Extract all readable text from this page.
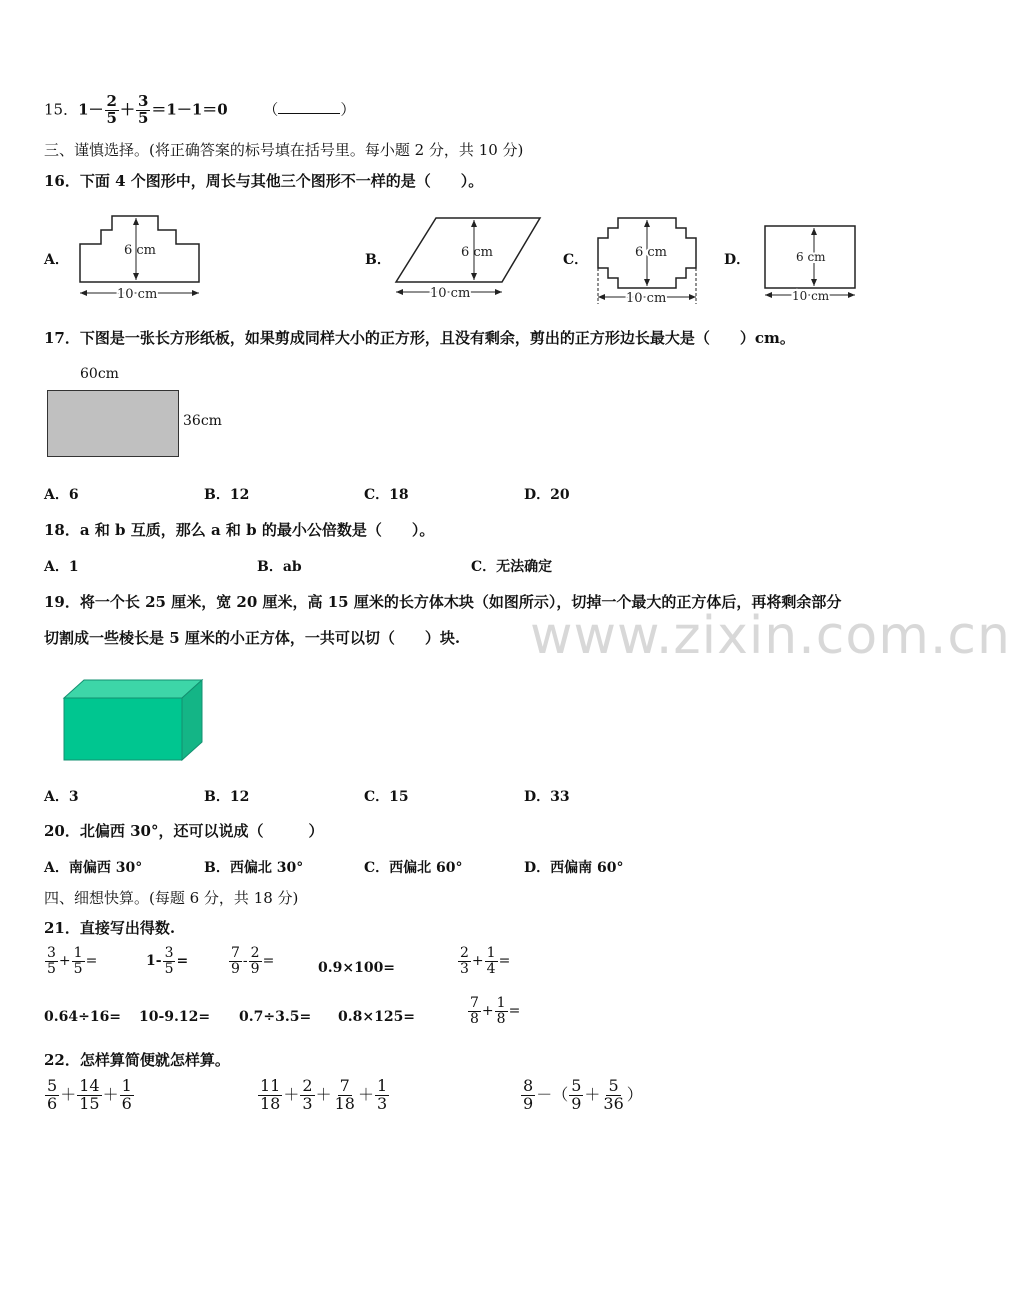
15．$1- \frac{2}{5} + \frac{3}{5} =1-1=0$ （	）
三、谨慎选择。(将正确答案的标号填在括号里。每小题 2 分，共 10 分)
16．下面 4 个图形中，周长与其他三个图形不一样的是（　　）。
A．
6 cm
10 cm
B．	6 cm
10 cm
C．	6 cm
10 cm
D．	6 cm
10 cm
17．下图是一张长方形纸板，如果剪成同样大小的正方形，且没有剩余，剪出的正方形边长最大是（　　）cm。
60cm
36cm
A．6	B．12	C．18	D．20
18．a 和 b 互质，那么 a 和 b 的最小公倍数是（　　）。
A．1	B．ab	C．无法确定
19．将一个长 25 厘米，宽 20 厘米，高 15 厘米的长方体木块（如图所示），切掉一个最大的正方体后，再将剩余部分
切割成一些棱长是 5 厘米的小正方体，一共可以切（　　）块. www.zixin.com.cn
A．3	B．12	C．15	D．33
20．北偏西 30°，还可以说成（　　　）
A．南偏西 30°	B．西偏北 30°	C．西偏北 60°	D．西偏南 60°
四、细想快算。(每题 6 分，共 18 分)
21．直接写出得数.
$\frac{3}{5} + \frac{1}{5}$ =	$1- \frac{3}{5}$ =	$\frac{7}{9} - \frac{2}{9}$ =	0.9×100=	$\frac{2}{3} + \frac{1}{4}$ =
0.64÷16= 10-9.12= 0.7÷3.5= 0.8×125=	$\frac{7}{8} + \frac{1}{8}$ =
22．怎样算简便就怎样算。
$\frac{5}{6} + \frac{14}{15} + \frac{1}{6}$	$\frac{11}{18} + \frac{2}{3} + \frac{7}{18} + \frac{1}{3}$	$\frac{8}{9}$ －（ $\frac{5}{9} + \frac{5}{36}$ ）
